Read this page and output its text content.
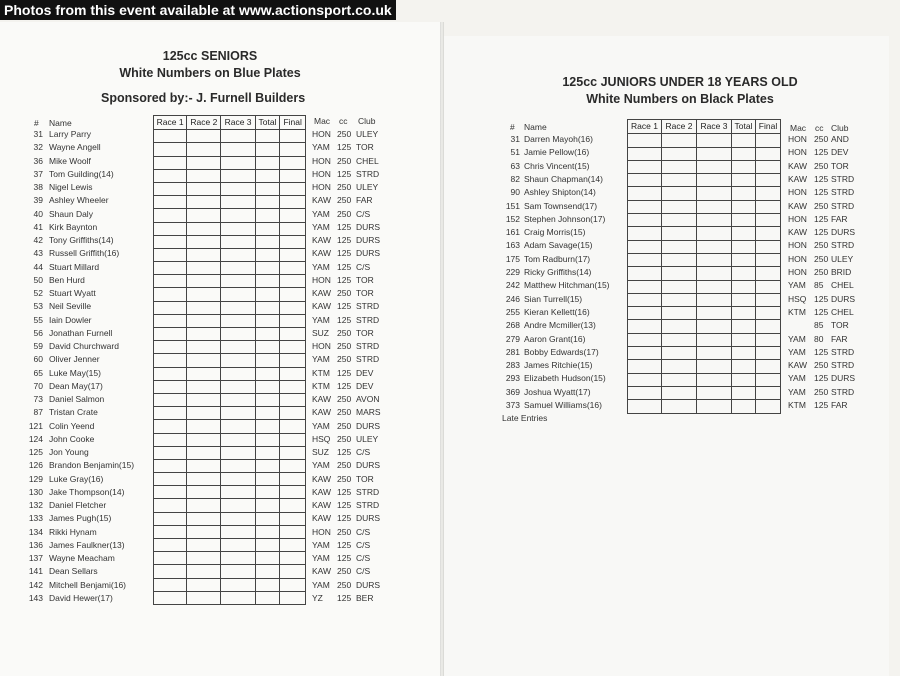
Photos from this event available at www.actionsport.co.uk
125cc SENIORS
White Numbers on Blue Plates
Sponsored by:- J. Furnell Builders
# Name	Mac cc Club
Race 1	Race 2	Race 3	Total	Final

31 Larry Parry	HON 250 ULEY
32 Wayne Angell	YAM 125 TOR
36 Mike Woolf	HON 250 CHEL
37 Tom Guilding(14)	HON 125 STRD
38 Nigel Lewis	HON 250 ULEY
39 Ashley Wheeler	KAW 250 FAR
40 Shaun Daly	YAM 250 C/S
41 Kirk Baynton	YAM 125 DURS
42 Tony Griffiths(14)	KAW 125 DURS
43 Russell Griffith(16)	KAW 125 DURS
44 Stuart Millard	YAM 125 C/S
50 Ben Hurd	HON 125 TOR
52 Stuart Wyatt	KAW 250 TOR
53 Neil Seville	KAW 125 STRD
55 Iain Dowler	YAM 125 STRD
56 Jonathan Furnell	SUZ 250 TOR
59 David Churchward	HON 250 STRD
60 Oliver Jenner	YAM 250 STRD
65 Luke May(15)	KTM 125 DEV
70 Dean May(17)	KTM 125 DEV
73 Daniel Salmon	KAW 250 AVON
87 Tristan Crate	KAW 250 MARS
121 Colin Yeend	YAM 250 DURS
124 John Cooke	HSQ 250 ULEY
125 Jon Young	SUZ 125 C/S
126 Brandon Benjamin(15)	YAM 250 DURS
129 Luke Gray(16)	KAW 250 TOR
130 Jake Thompson(14)	KAW 125 STRD
132 Daniel Fletcher	KAW 125 STRD
133 James Pugh(15)	KAW 125 DURS
134 Rikki Hynam	HON 250 C/S
136 James Faulkner(13)	YAM 125 C/S
137 Wayne Meacham	YAM 125 C/S
141 Dean Sellars	KAW 250 C/S
142 Mitchell Benjami(16)	YAM 250 DURS
143 David Hewer(17)	YZ 125 BER
125cc JUNIORS UNDER 18 YEARS OLD
White Numbers on Black Plates
# Name	Mac cc Club
Race 1	Race 2	Race 3	Total	Final

31 Darren Mayoh(16)	HON 250 AND
51 Jamie Pellow(16)	HON 125 DEV
63 Chris Vincent(15)	KAW 250 TOR
82 Shaun Chapman(14)	KAW 125 STRD
90 Ashley Shipton(14)	HON 125 STRD
151 Sam Townsend(17)	KAW 250 STRD
152 Stephen Johnson(17)	HON 125 FAR
161 Craig Morris(15)	KAW 125 DURS
163 Adam Savage(15)	HON 250 STRD
175 Tom Radburn(17)	HON 250 ULEY
229 Ricky Griffiths(14)	HON 250 BRID
242 Matthew Hitchman(15)	YAM 85 CHEL
246 Sian Turrell(15)	HSQ 125 DURS
255 Kieran Kellett(16)	KTM 125 CHEL
268 Andre Mcmiller(13)	85 TOR
279 Aaron Grant(16)	YAM 80 FAR
281 Bobby Edwards(17)	YAM 125 STRD
283 James Ritchie(15)	KAW 250 STRD
293 Elizabeth Hudson(15)	YAM 125 DURS
369 Joshua Wyatt(17)	YAM 250 STRD
373 Samuel Williams(16)	KTM 125 FAR
Late Entries
